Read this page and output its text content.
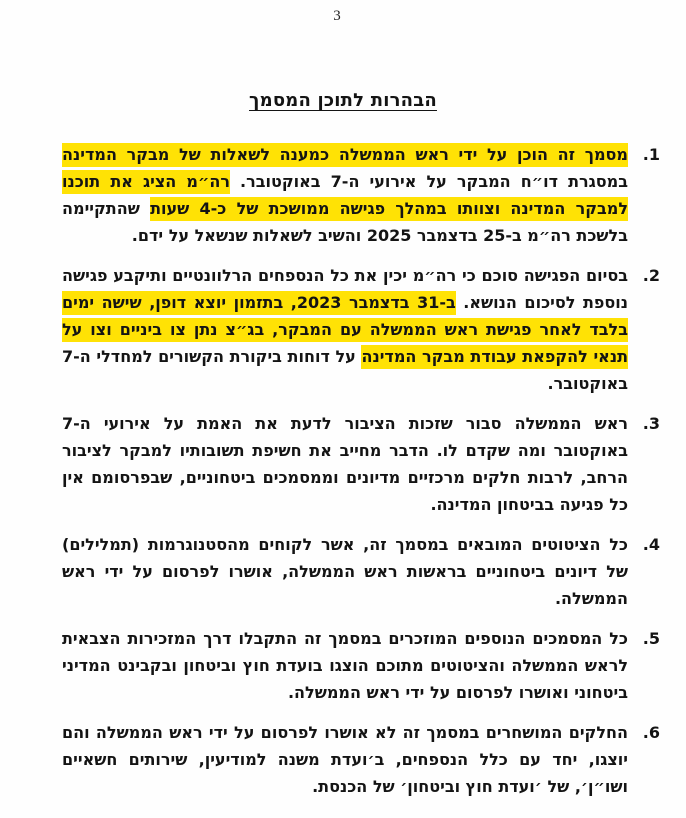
3
הבהרות לתוכן המסמך
1.
מסמך זה הוכן על ידי ראש הממשלה כמענה לשאלות של מבקר המדינה במסגרת דו״ח המבקר על אירועי ה-7 באוקטובר. רה״מ הציג את תוכנו למבקר המדינה וצוותו במהלך פגישה ממושכת של כ-4 שעות שהתקיימה בלשכת רה״מ ב-25 בדצמבר 2025 והשיב לשאלות שנשאל על ידם.
2.
בסיום הפגישה סוכם כי רה״מ יכין את כל הנספחים הרלוונטיים ותיקבע פגישה נוספת לסיכום הנושא. ב-31 בדצמבר 2023, בתזמון יוצא דופן, שישה ימים בלבד לאחר פגישת ראש הממשלה עם המבקר, בג״צ נתן צו ביניים וצו על תנאי להקפאת עבודת מבקר המדינה על דוחות ביקורת הקשורים למחדלי ה-7 באוקטובר.
3.
ראש הממשלה סבור שזכות הציבור לדעת את האמת על אירועי ה-7 באוקטובר ומה שקדם לו. הדבר מחייב את חשיפת תשובותיו למבקר לציבור הרחב, לרבות חלקים מרכזיים מדיונים וממסמכים ביטחוניים, שבפרסומם אין כל פגיעה בביטחון המדינה.
4.
כל הציטוטים המובאים במסמך זה, אשר לקוחים מהסטנוגרמות (תמלילים) של דיונים ביטחוניים בראשות ראש הממשלה, אושרו לפרסום על ידי ראש הממשלה.
5.
כל המסמכים הנוספים המוזכרים במסמך זה התקבלו דרך המזכירות הצבאית לראש הממשלה והציטוטים מתוכם הוצגו בועדת חוץ וביטחון ובקבינט המדיני ביטחוני ואושרו לפרסום על ידי ראש הממשלה.
6.
החלקים המושחרים במסמך זה לא אושרו לפרסום על ידי ראש הממשלה והם יוצגו, יחד עם כלל הנספחים, ב׳ועדת משנה למודיעין, שירותים חשאיים ושו״ן׳, של ׳ועדת חוץ וביטחון׳ של הכנסת.
